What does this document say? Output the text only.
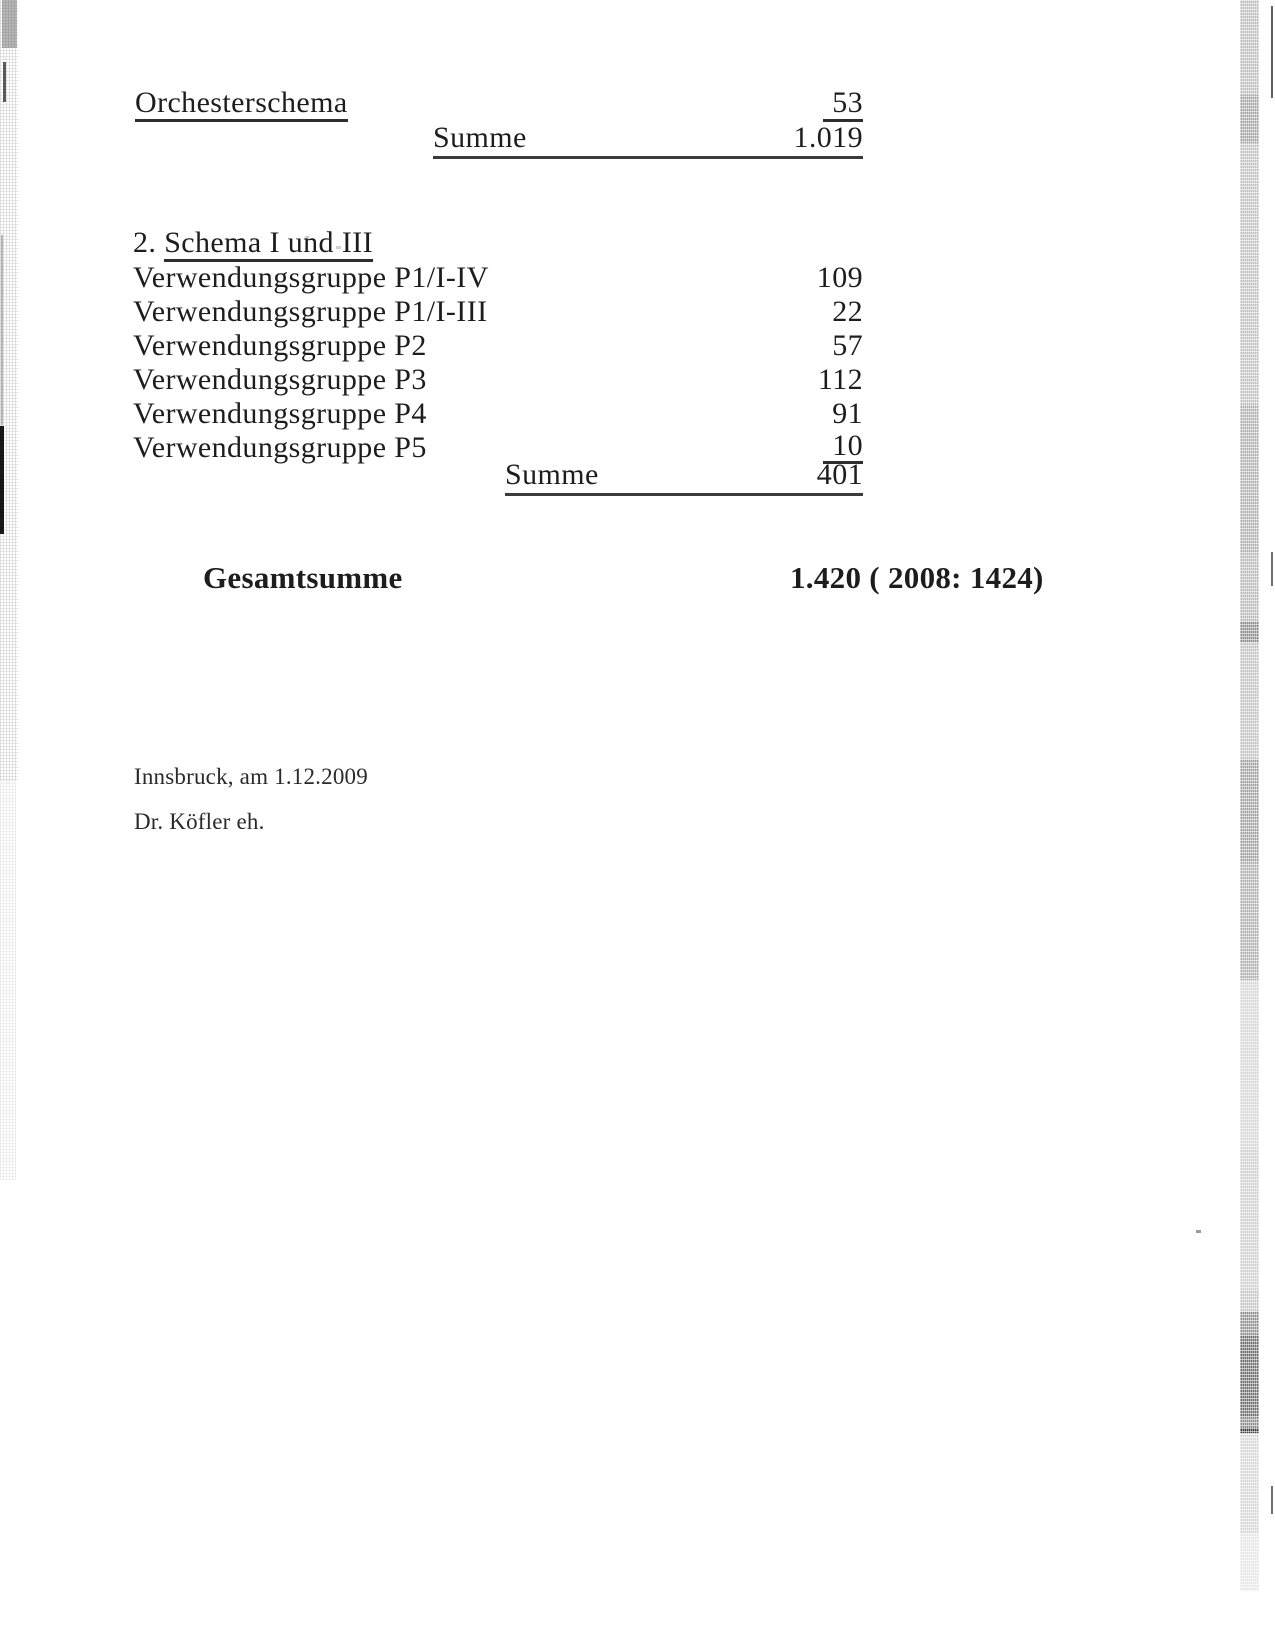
Orchesterschema	53
Summe	1.019
2. Schema I und III
Verwendungsgruppe P1/I-IV	109
Verwendungsgruppe P1/I-III	22
Verwendungsgruppe P2	57
Verwendungsgruppe P3	112
Verwendungsgruppe P4	91
Verwendungsgruppe P5	10
Summe	401
Gesamtsumme	1.420 ( 2008: 1424)
Innsbruck, am 1.12.2009
Dr. Köfler eh.
